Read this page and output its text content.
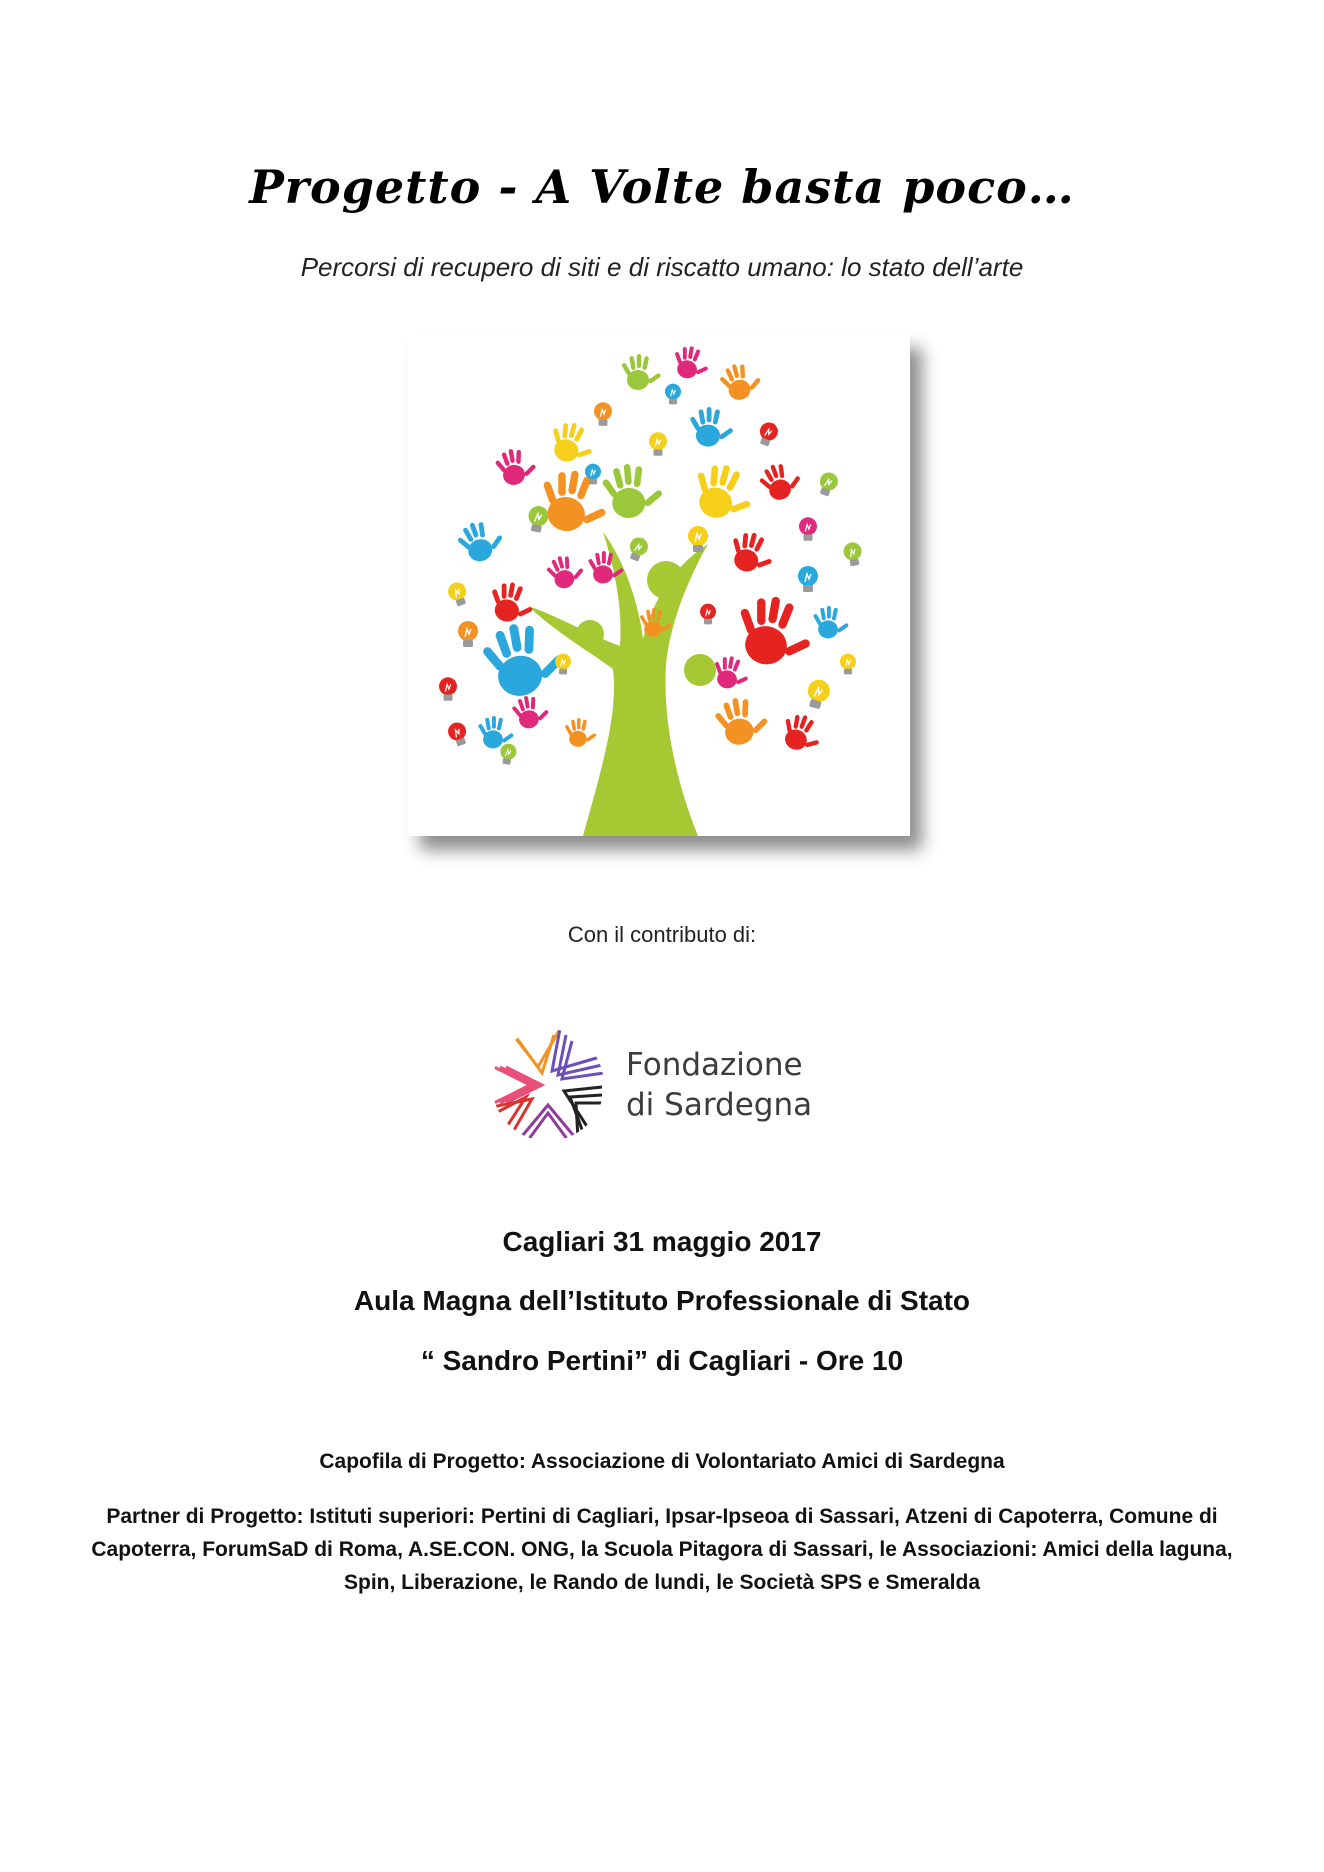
Progetto - A Volte basta poco…
Percorsi di recupero di siti e di riscatto umano: lo stato dell’arte
Con il contributo di:
Fondazione
di Sardegna
Cagliari 31 maggio 2017
Aula Magna dell’Istituto Professionale di Stato
“ Sandro Pertini” di Cagliari - Ore 10
Capofila di Progetto: Associazione di Volontariato Amici di Sardegna
Partner di Progetto: Istituti superiori: Pertini di Cagliari, Ipsar-Ipseoa di Sassari, Atzeni di Capoterra, Comune di Capoterra, ForumSaD di Roma, A.SE.CON. ONG, la Scuola Pitagora di Sassari, le Associazioni: Amici della laguna, Spin, Liberazione, le Rando de lundi, le Società SPS e Smeralda
